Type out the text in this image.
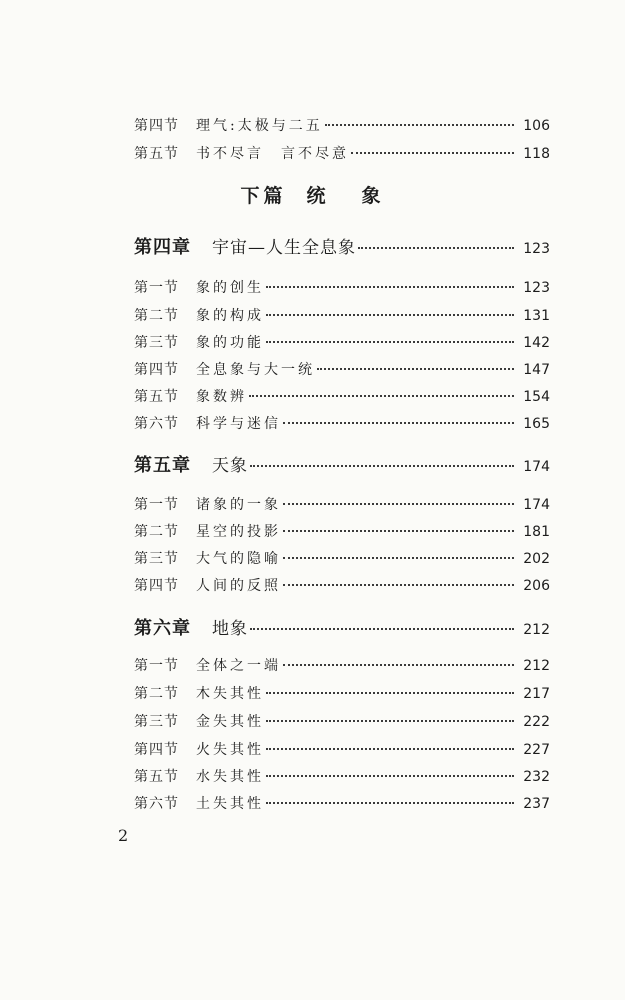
第四节	理气:太极与二五	106
第五节	书不尽言　言不尽意	118
下篇 统 象
第四章	宇宙—人生全息象	123
第一节	象的创生	123
第二节	象的构成	131
第三节	象的功能	142
第四节	全息象与大一统	147
第五节	象数辨	154
第六节	科学与迷信	165
第五章	天象	174
第一节	诸象的一象	174
第二节	星空的投影	181
第三节	大气的隐喻	202
第四节	人间的反照	206
第六章	地象	212
第一节	全体之一端	212
第二节	木失其性	217
第三节	金失其性	222
第四节	火失其性	227
第五节	水失其性	232
第六节	土失其性	237
2
